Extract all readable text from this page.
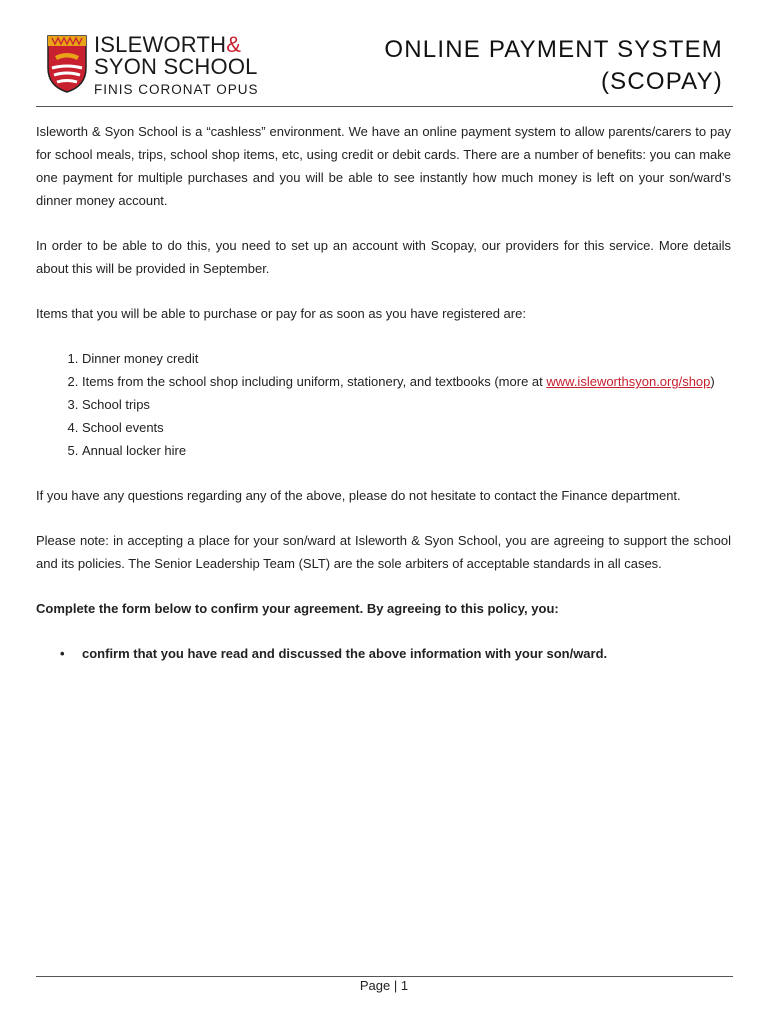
ISLEWORTH&
SYON SCHOOL
FINIS CORONAT OPUS
ONLINE PAYMENT SYSTEM
(SCOPAY)

Isleworth & Syon School is a “cashless” environment. We have an online payment system to allow parents/carers to pay for school meals, trips, school shop items, etc, using credit or debit cards. There are a number of benefits: you can make one payment for multiple purchases and you will be able to see instantly how much money is left on your son/ward’s dinner money account.

In order to be able to do this, you need to set up an account with Scopay, our providers for this service. More details about this will be provided in September.

Items that you will be able to purchase or pay for as soon as you have registered are:

1. Dinner money credit
2. Items from the school shop including uniform, stationery, and textbooks (more at www.isleworthsyon.org/shop)
3. School trips
4. School events
5. Annual locker hire

If you have any questions regarding any of the above, please do not hesitate to contact the Finance department.

Please note: in accepting a place for your son/ward at Isleworth & Syon School, you are agreeing to support the school and its policies. The Senior Leadership Team (SLT) are the sole arbiters of acceptable standards in all cases.

Complete the form below to confirm your agreement. By agreeing to this policy, you:

• confirm that you have read and discussed the above information with your son/ward.
Page | 1
